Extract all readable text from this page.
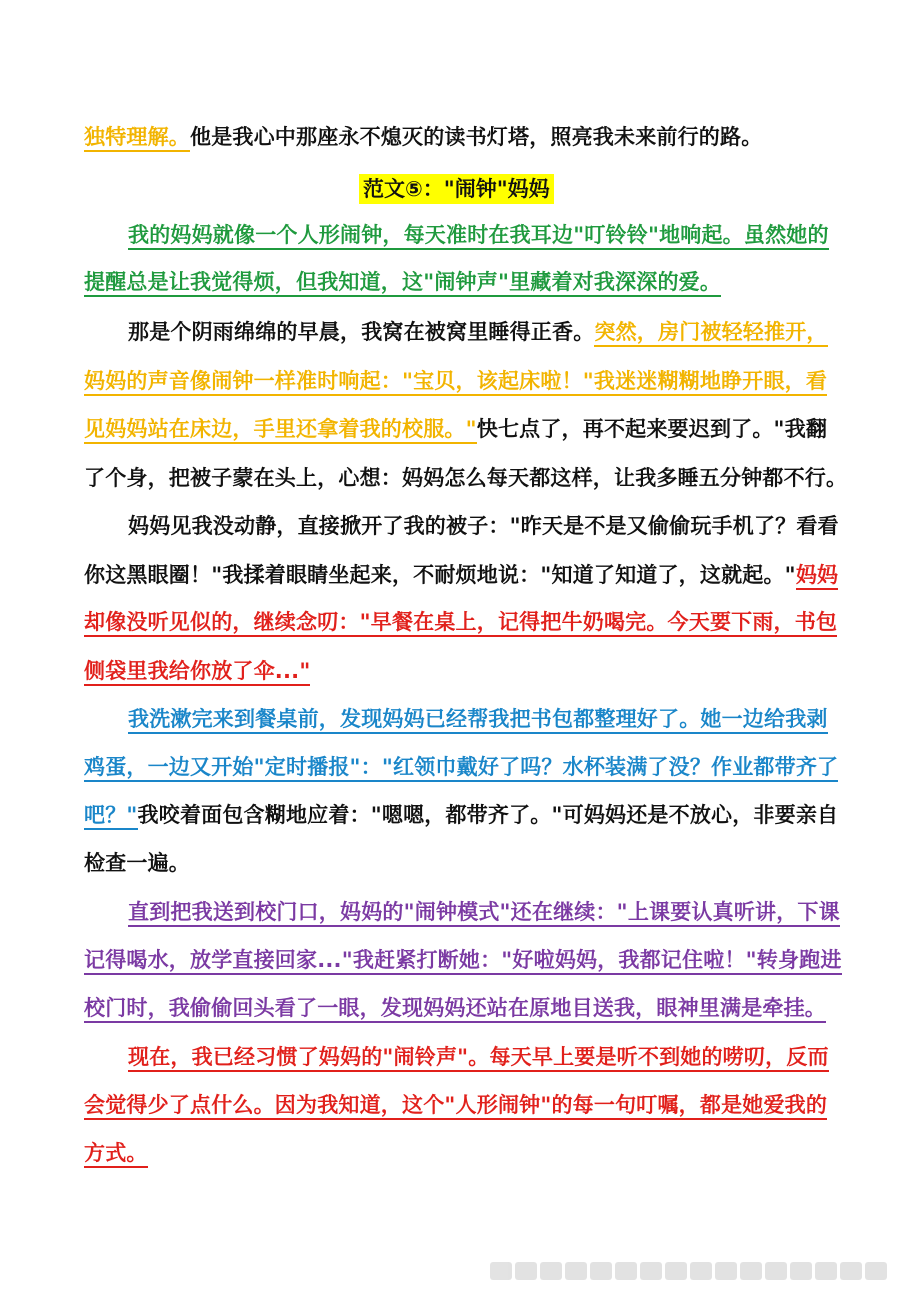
范文⑤："闹钟"妈妈
独特理解。他是我心中那座永不熄灭的读书灯塔，照亮我未来前行的路。
我的妈妈就像一个人形闹钟，每天准时在我耳边"叮铃铃"地响起。虽然她的
提醒总是让我觉得烦，但我知道，这"闹钟声"里藏着对我深深的爱。
那是个阴雨绵绵的早晨，我窝在被窝里睡得正香。突然，房门被轻轻推开，
妈妈的声音像闹钟一样准时响起："宝贝，该起床啦！"我迷迷糊糊地睁开眼，看
见妈妈站在床边，手里还拿着我的校服。"快七点了，再不起来要迟到了。"我翻
了个身，把被子蒙在头上，心想：妈妈怎么每天都这样，让我多睡五分钟都不行。
妈妈见我没动静，直接掀开了我的被子："昨天是不是又偷偷玩手机了？看看
你这黑眼圈！"我揉着眼睛坐起来，不耐烦地说："知道了知道了，这就起。"妈妈
却像没听见似的，继续念叨："早餐在桌上，记得把牛奶喝完。今天要下雨，书包
侧袋里我给你放了伞..."
我洗漱完来到餐桌前，发现妈妈已经帮我把书包都整理好了。她一边给我剥
鸡蛋，一边又开始"定时播报"："红领巾戴好了吗？水杯装满了没？作业都带齐了
吧？"我咬着面包含糊地应着："嗯嗯，都带齐了。"可妈妈还是不放心，非要亲自
检查一遍。
直到把我送到校门口，妈妈的"闹钟模式"还在继续："上课要认真听讲，下课
记得喝水，放学直接回家..."我赶紧打断她："好啦妈妈，我都记住啦！"转身跑进
校门时，我偷偷回头看了一眼，发现妈妈还站在原地目送我，眼神里满是牵挂。
现在，我已经习惯了妈妈的"闹铃声"。每天早上要是听不到她的唠叨，反而
会觉得少了点什么。因为我知道，这个"人形闹钟"的每一句叮嘱，都是她爱我的
方式。
